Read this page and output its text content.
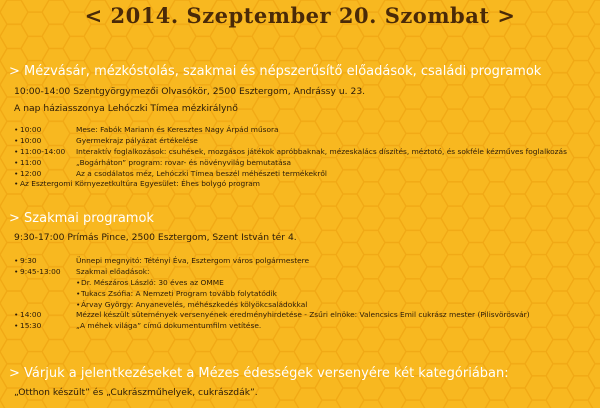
< 2014. Szeptember 20. Szombat >
> Mézvásár, mézkóstolás, szakmai és népszerűsítő előadások, családi programok
10:00-14:00 Szentgyörgymezői Olvasókör, 2500 Esztergom, Andrássy u. 23.
A nap háziasszonya Lehóczki Tímea mézkirálynő
• 10:00	Mese: Fabók Mariann és Keresztes Nagy Árpád műsora
• 10:00	Gyermekrajz pályázat értékelése
• 11:00-14:00 Interaktív foglalkozások: csuhések, mozgásos játékok apróbbaknak, mézeskalács díszítés, méztotó, és sokféle kézműves foglalkozás
• 11:00	„Bogárháton” program: rovar- és növényvilág bemutatása
• 12:00	Az a csodálatos méz, Lehóczki Tímea beszél méhészeti termékekről
• Az Esztergomi Környezetkultúra Egyesület: Éhes bolygó program
> Szakmai programok
9:30-17:00 Prímás Pince, 2500 Esztergom, Szent István tér 4.
• 9:30	Ünnepi megnyitó: Tétényi Éva, Esztergom város polgármestere
• 9:45-13:00 Szakmai előadások:
• Dr. Mészáros László: 30 éves az OMME
• Tukacs Zsófia: A Nemzeti Program tovább folytatódik
• Árvay György: Anyanevelés, méhészkedés kölyökcsaládokkal
• 14:00	Mézzel készült sütemények versenyének eredményhirdetése - Zsűri elnöke: Valencsics Emil cukrász mester (Pilisvörösvár)
• 15:30	„A méhek világa” című dokumentumfilm vetítése.
> Várjuk a jelentkezéseket a Mézes édességek versenyére két kategóriában:
„Otthon készült” és „Cukrászműhelyek, cukrászdák”.
